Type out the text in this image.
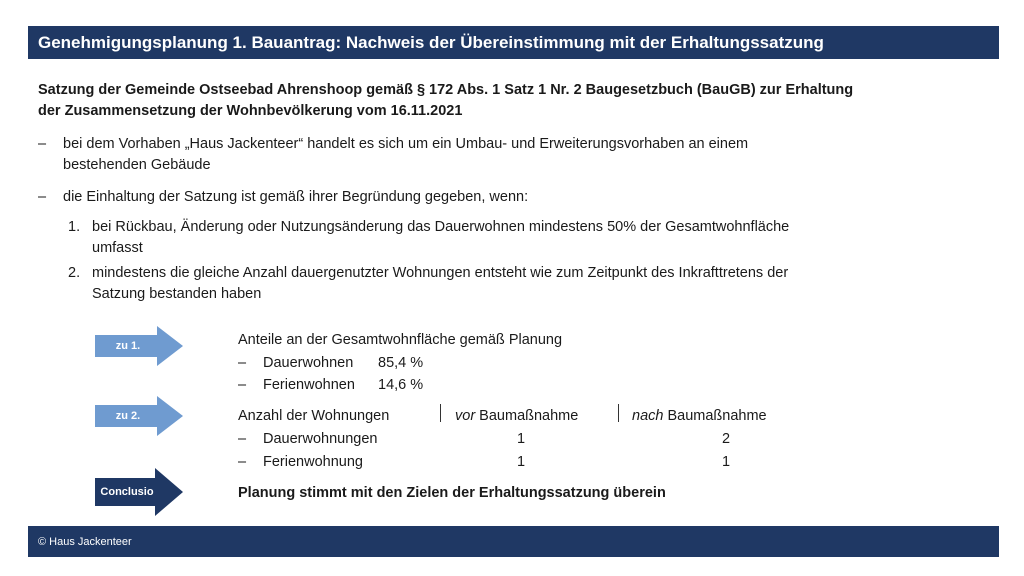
Genehmigungsplanung 1. Bauantrag: Nachweis der Übereinstimmung mit der Erhaltungssatzung
Satzung der Gemeinde Ostseebad Ahrenshoop gemäß § 172 Abs. 1 Satz 1 Nr. 2 Baugesetzbuch (BauGB) zur Erhaltung
der Zusammensetzung der Wohnbevölkerung vom 16.11.2021
–	bei dem Vorhaben „Haus Jackenteer“ handelt es sich um ein Umbau- und Erweiterungsvorhaben an einem
bestehenden Gebäude
–	die Einhaltung der Satzung ist gemäß ihrer Begründung gegeben, wenn:
1. bei Rückbau, Änderung oder Nutzungsänderung das Dauerwohnen mindestens 50% der Gesamtwohnfläche
umfasst
2. mindestens die gleiche Anzahl dauergenutzter Wohnungen entsteht wie zum Zeitpunkt des Inkrafttretens der
Satzung bestanden haben
zu 1.	Anteile an der Gesamtwohnfläche gemäß Planung
– Dauerwohnen 85,4 %
– Ferienwohnen 14,6 %
zu 2.	Anzahl der Wohnungen	vor Baumaßnahme	nach Baumaßnahme
– Dauerwohnungen	1	2
– Ferienwohnung	1	1
Conclusio	Planung stimmt mit den Zielen der Erhaltungssatzung überein
© Haus Jackenteer
